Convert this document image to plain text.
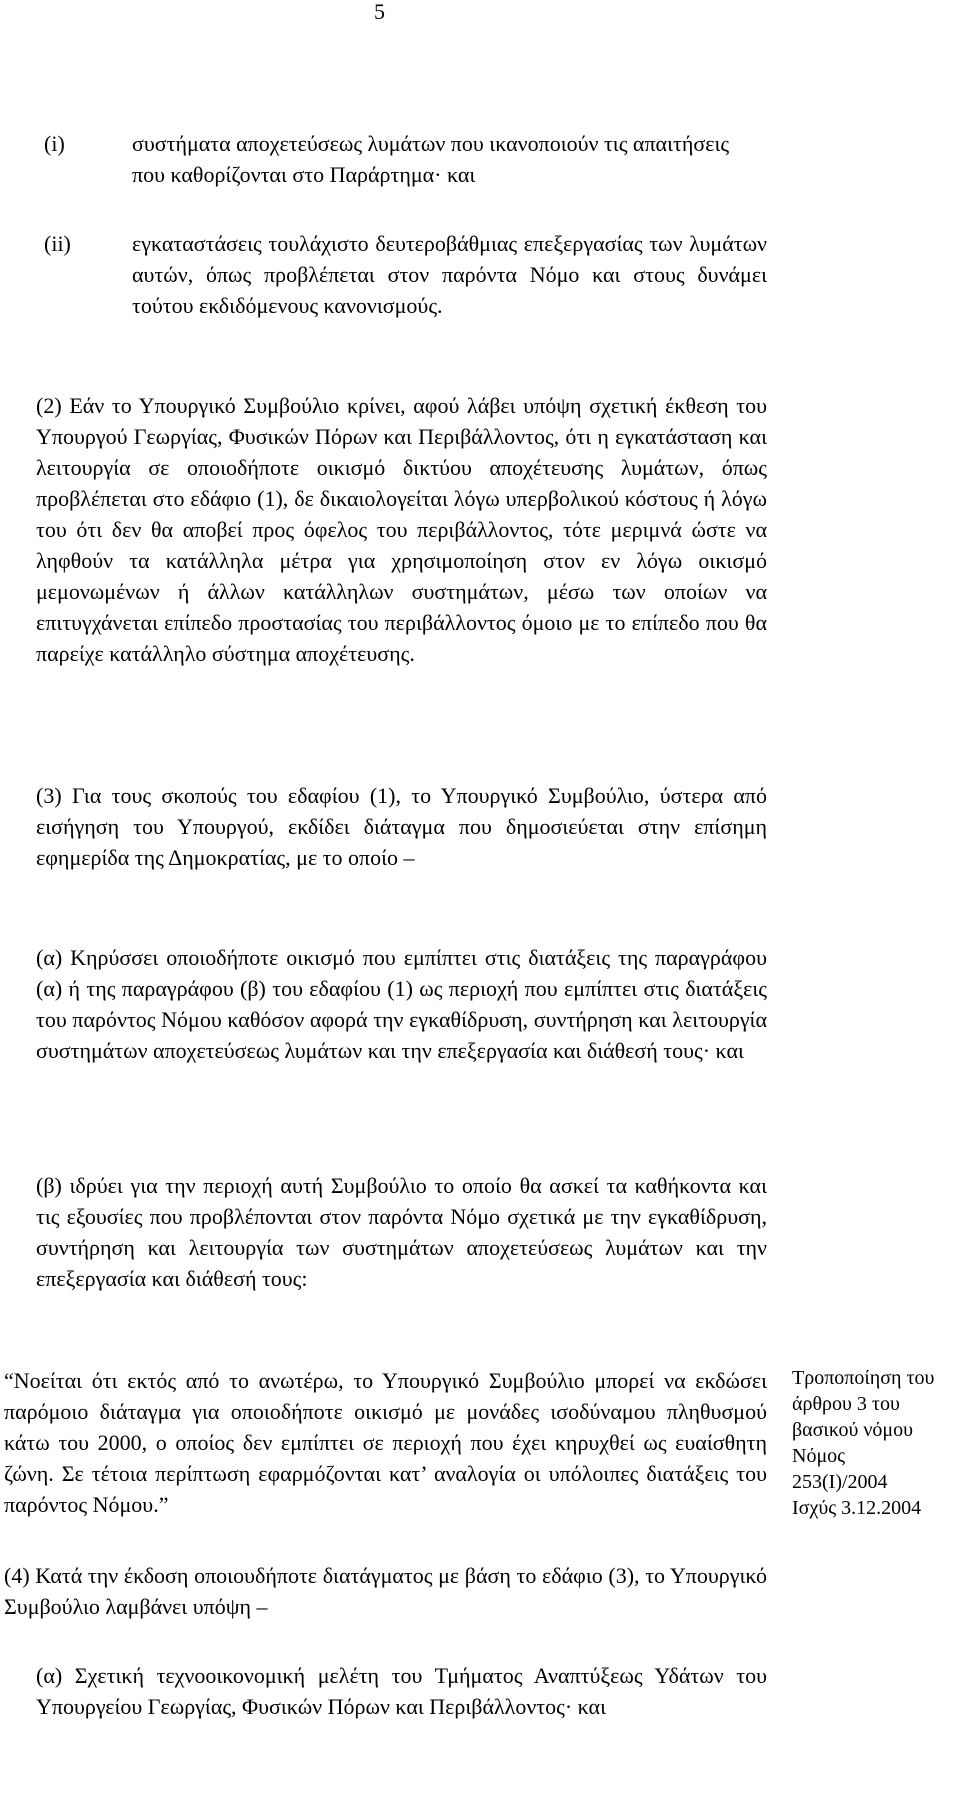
5
(i)	συστήματα αποχετεύσεως λυμάτων που ικανοποιούν τις απαιτήσεις που καθορίζονται στο Παράρτημα· και

(ii)	εγκαταστάσεις τουλάχιστο δευτεροβάθμιας επεξεργασίας των λυμάτων αυτών, όπως προβλέπεται στον παρόντα Νόμο και στους δυνάμει τούτου εκδιδόμενους κανονισμούς.

(2) Εάν το Υπουργικό Συμβούλιο κρίνει, αφού λάβει υπόψη σχετική έκθεση του Υπουργού Γεωργίας, Φυσικών Πόρων και Περιβάλλοντος, ότι η εγκατάσταση και λειτουργία σε οποιοδήποτε οικισμό δικτύου αποχέτευσης λυμάτων, όπως προβλέπεται στο εδάφιο (1), δε δικαιολογείται λόγω υπερβολικού κόστους ή λόγω του ότι δεν θα αποβεί προς όφελος του περιβάλλοντος, τότε μεριμνά ώστε να ληφθούν τα κατάλληλα μέτρα για χρησιμοποίηση στον εν λόγω οικισμό μεμονωμένων ή άλλων κατάλληλων συστημάτων, μέσω των οποίων να επιτυγχάνεται επίπεδο προστασίας του περιβάλλοντος όμοιο με το επίπεδο που θα παρείχε κατάλληλο σύστημα αποχέτευσης.

(3) Για τους σκοπούς του εδαφίου (1), το Υπουργικό Συμβούλιο, ύστερα από εισήγηση του Υπουργού, εκδίδει διάταγμα που δημοσιεύεται στην επίσημη εφημερίδα της Δημοκρατίας, με το οποίο –

(α) Κηρύσσει οποιοδήποτε οικισμό που εμπίπτει στις διατάξεις της παραγράφου (α) ή της παραγράφου (β) του εδαφίου (1) ως περιοχή που εμπίπτει στις διατάξεις του παρόντος Νόμου καθόσον αφορά την εγκαθίδρυση, συντήρηση και λειτουργία συστημάτων αποχετεύσεως λυμάτων και την επεξεργασία και διάθεσή τους· και

(β) ιδρύει για την περιοχή αυτή Συμβούλιο το οποίο θα ασκεί τα καθήκοντα και τις εξουσίες που προβλέπονται στον παρόντα Νόμο σχετικά με την εγκαθίδρυση, συντήρηση και λειτουργία των συστημάτων αποχετεύσεως λυμάτων και την επεξεργασία και διάθεσή τους:

“Νοείται ότι εκτός από το ανωτέρω, το Υπουργικό Συμβούλιο μπορεί να εκδώσει παρόμοιο διάταγμα για οποιοδήποτε οικισμό με μονάδες ισοδύναμου πληθυσμού κάτω του 2000, ο οποίος δεν εμπίπτει σε περιοχή που έχει κηρυχθεί ως ευαίσθητη ζώνη. Σε τέτοια περίπτωση εφαρμόζονται κατ’ αναλογία οι υπόλοιπες διατάξεις του παρόντος Νόμου.”

Τροποποίηση του
άρθρου 3 του
βασικού νόμου
Νόμος
253(Ι)/2004
Ισχύς 3.12.2004

(4) Κατά την έκδοση οποιουδήποτε διατάγματος με βάση το εδάφιο (3), το Υπουργικό Συμβούλιο λαμβάνει υπόψη –

(α) Σχετική τεχνοοικονομική μελέτη του Τμήματος Αναπτύξεως Υδάτων του Υπουργείου Γεωργίας, Φυσικών Πόρων και Περιβάλλοντος· και
